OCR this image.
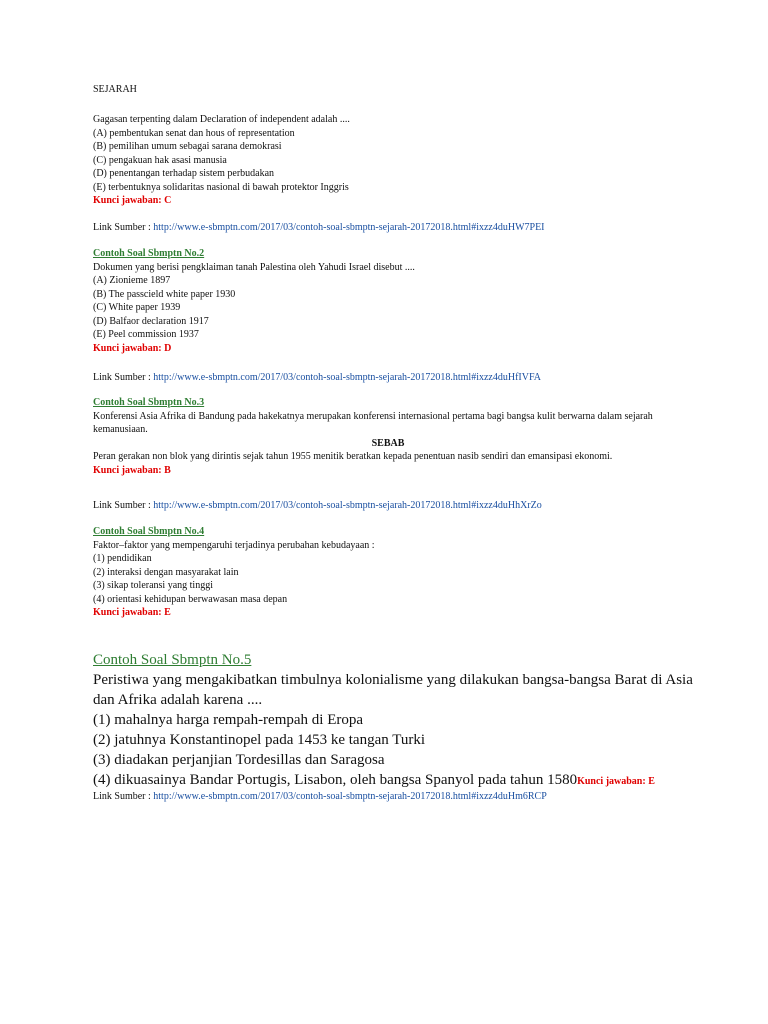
SEJARAH
Gagasan terpenting dalam Declaration of independent adalah ....
(A) pembentukan senat dan hous of representation
(B) pemilihan umum sebagai sarana demokrasi
(C) pengakuan hak asasi manusia
(D) penentangan terhadap sistem perbudakan
(E) terbentuknya solidaritas nasional di bawah protektor Inggris
Kunci jawaban: C
Link Sumber : http://www.e-sbmptn.com/2017/03/contoh-soal-sbmptn-sejarah-20172018.html#ixzz4duHW7PEI
Contoh Soal Sbmptn No.2
Dokumen yang berisi pengklaiman tanah Palestina oleh Yahudi Israel disebut ....
(A) Zionieme 1897
(B) The passcield white paper 1930
(C) White paper 1939
(D) Balfaor declaration 1917
(E) Peel commission 1937
Kunci jawaban: D
Link Sumber : http://www.e-sbmptn.com/2017/03/contoh-soal-sbmptn-sejarah-20172018.html#ixzz4duHfIVFA
Contoh Soal Sbmptn No.3
Konferensi Asia Afrika di Bandung pada hakekatnya merupakan konferensi internasional pertama bagi bangsa kulit berwarna dalam sejarah kemanusiaan.
SEBAB
Peran gerakan non blok yang dirintis sejak tahun 1955 menitik beratkan kepada penentuan nasib sendiri dan emansipasi ekonomi.
Kunci jawaban: B
Link Sumber : http://www.e-sbmptn.com/2017/03/contoh-soal-sbmptn-sejarah-20172018.html#ixzz4duHhXrZo
Contoh Soal Sbmptn No.4
Faktor–faktor yang mempengaruhi terjadinya perubahan kebudayaan :
(1) pendidikan
(2) interaksi dengan masyarakat lain
(3) sikap toleransi yang tinggi
(4) orientasi kehidupan berwawasan masa depan
Kunci jawaban: E
Contoh Soal Sbmptn No.5
Peristiwa yang mengakibatkan timbulnya kolonialisme yang dilakukan bangsa-bangsa Barat di Asia
dan Afrika adalah karena ....
(1) mahalnya harga rempah-rempah di Eropa
(2) jatuhnya Konstantinopel pada 1453 ke tangan Turki
(3) diadakan perjanjian Tordesillas dan Saragosa
(4) dikuasainya Bandar Portugis, Lisabon, oleh bangsa Spanyol pada tahun 1580Kunci jawaban: E
Link Sumber : http://www.e-sbmptn.com/2017/03/contoh-soal-sbmptn-sejarah-20172018.html#ixzz4duHm6RCP
